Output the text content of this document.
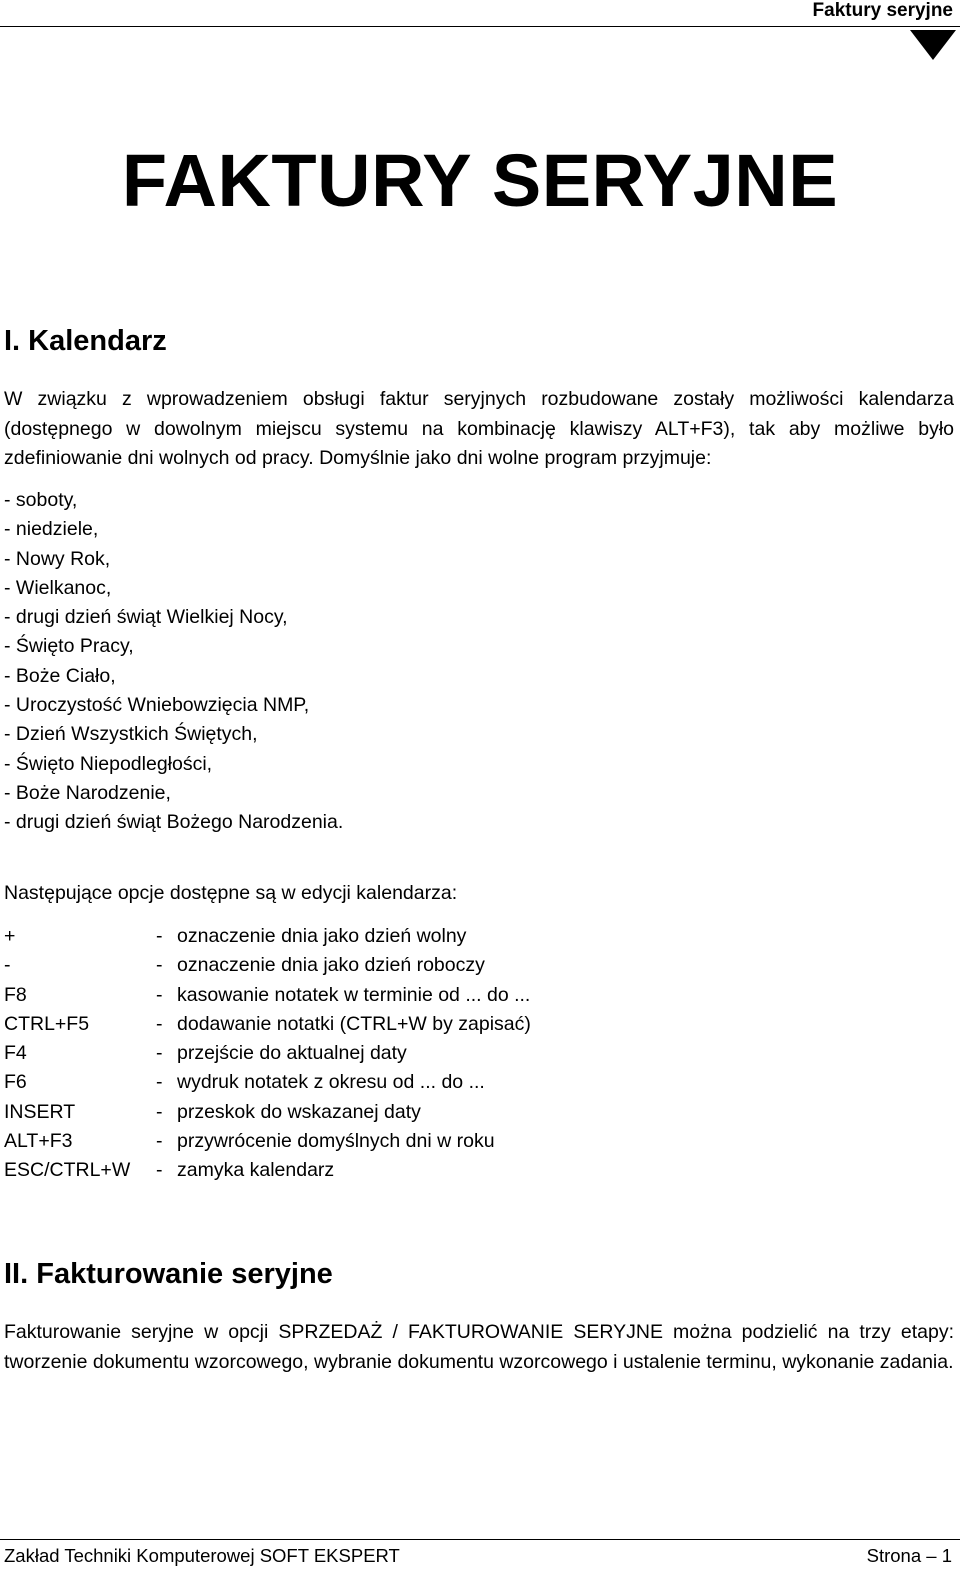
Faktury seryjne
FAKTURY SERYJNE
I. Kalendarz

W związku z wprowadzeniem obsługi faktur seryjnych rozbudowane zostały możliwości kalendarza (dostępnego w dowolnym miejscu systemu na kombinację klawiszy ALT+F3), tak aby możliwe było zdefiniowanie dni wolnych od pracy. Domyślnie jako dni wolne program przyjmuje:

- soboty,
- niedziele,
- Nowy Rok,
- Wielkanoc,
- drugi dzień świąt Wielkiej Nocy,
- Święto Pracy,
- Boże Ciało,
- Uroczystość Wniebowzięcia NMP,
- Dzień Wszystkich Świętych,
- Święto Niepodległości,
- Boże Narodzenie,
- drugi dzień świąt Bożego Narodzenia.

Następujące opcje dostępne są w edycji kalendarza:

+	- oznaczenie dnia jako dzień wolny
-	- oznaczenie dnia jako dzień roboczy
F8	- kasowanie notatek w terminie od ... do ...
CTRL+F5	- dodawanie notatki (CTRL+W by zapisać)
F4	- przejście do aktualnej daty
F6	- wydruk notatek z okresu od ... do ...
INSERT	- przeskok do wskazanej daty
ALT+F3	- przywrócenie domyślnych dni w roku
ESC/CTRL+W	- zamyka kalendarz
II. Fakturowanie seryjne

Fakturowanie seryjne w opcji SPRZEDAŻ / FAKTUROWANIE SERYJNE można podzielić na trzy etapy: tworzenie dokumentu wzorcowego, wybranie dokumentu wzorcowego i ustalenie terminu, wykonanie zadania.

Zakład Techniki Komputerowej SOFT EKSPERT	Strona – 1
